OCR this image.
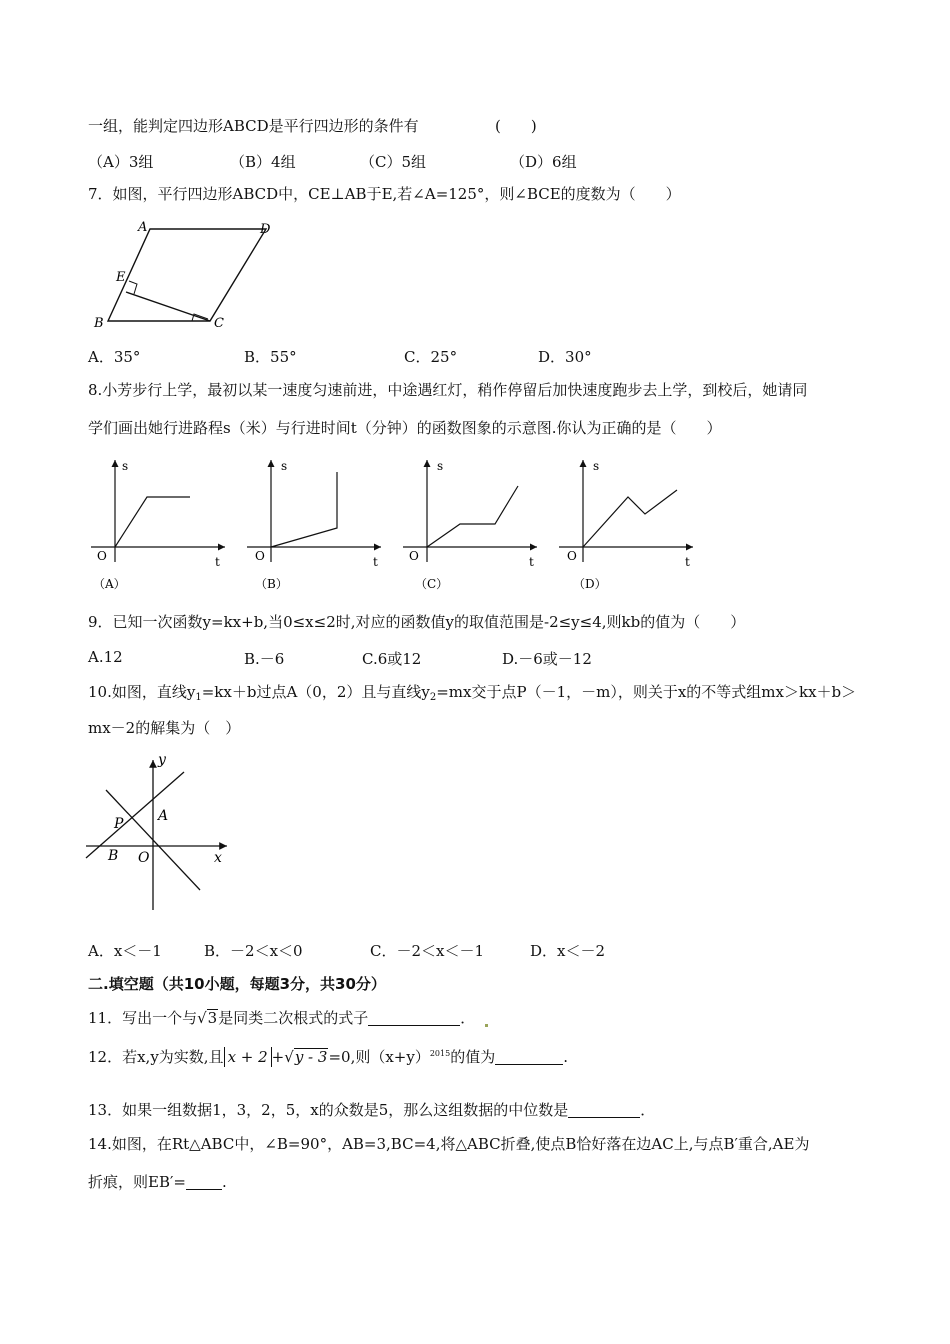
一组，能判定四边形ABCD是平行四边形的条件有	(　　)
（A）3组	（B）4组	（C）5组	（D）6组
7．如图，平行四边形ABCD中，CE⊥AB于E,若∠A=125°，则∠BCE的度数为（　　）
A	D
E
B	C
A．35°	B．55°	C．25°	D．30°
8.小芳步行上学，最初以某一速度匀速前进，中途遇红灯，稍作停留后加快速度跑步去上学，到校后，她请同
学们画出她行进路程s（米）与行进时间t（分钟）的函数图象的示意图.你认为正确的是（　　）
s
O	t
（A）
s
O	t
（B）
s
O	t
（C）
s
O	t
（D）
9．已知一次函数y=kx+b,当0≤x≤2时,对应的函数值y的取值范围是-2≤y≤4,则kb的值为（　　）
A.12	B.－6	C.6或12	D.－6或－12
10.如图，直线$y_1=kx+b$过点A（0，2）且与直线$y_2=mx$交于点P（－1，－m），则关于x的不等式组mx＞kx＋b＞
mx－2的解集为（　）
y
A
P
B O	x
A．x＜－1	B．－2＜x＜0	C．－2＜x＜－1	D．x＜－2
二.填空题（共10小题，每题3分，共30分）
11．写出一个与√3是同类二次根式的式子	．
12．若x,y为实数,且 x + 2 +√y - 3=0,则$(x+y)^{2015}$的值为	.
13．如果一组数据1，3，2，5，x的众数是5，那么这组数据的中位数是	．
14.如图，在Rt△ABC中，∠B=90°，AB=3,BC=4,将△ABC折叠,使点B恰好落在边AC上,与点B′重合,AE为
折痕，则EB′= .
